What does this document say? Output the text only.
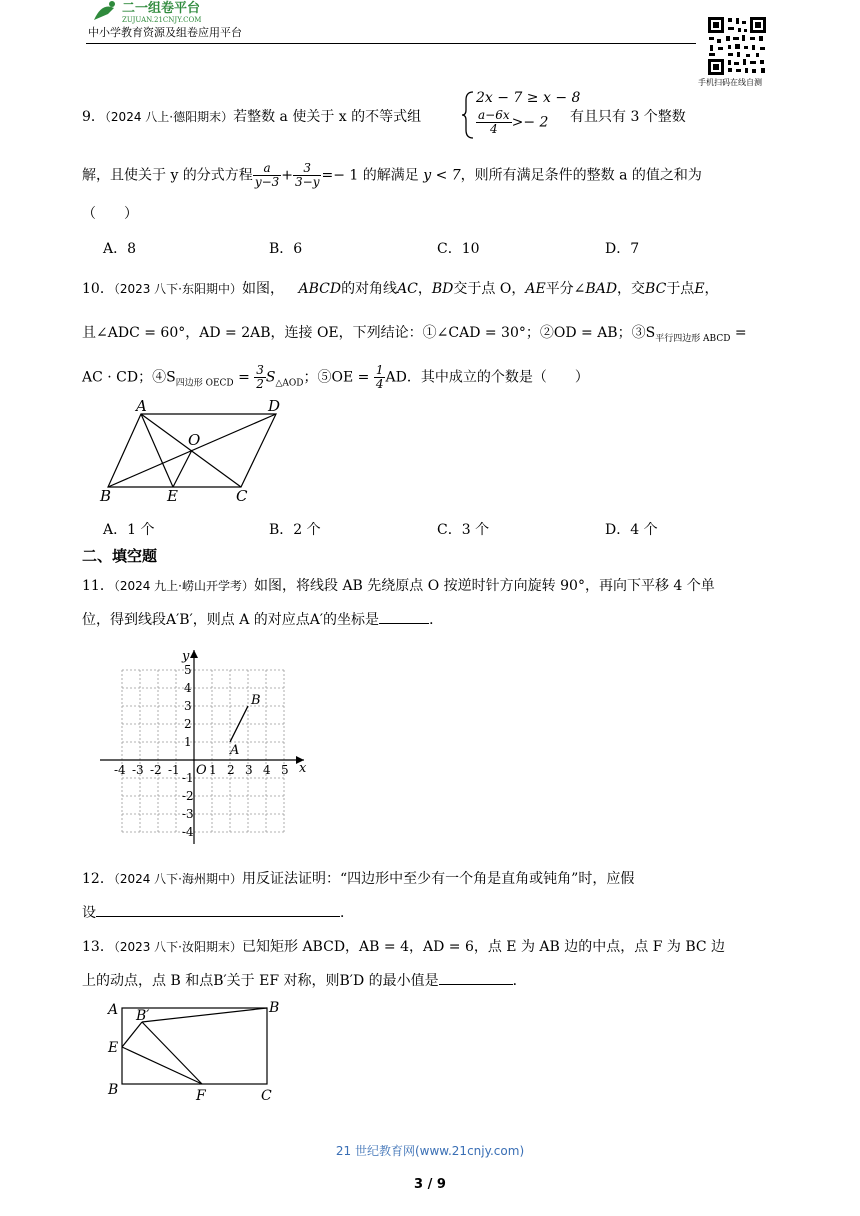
二一组卷平台
ZUJUAN.21CNJY.COM
中小学教育资源及组卷应用平台
手机扫码在线自测
9．（2024 八上·德阳期末）若整数 a 使关于 x 的不等式组
2x − 7 ≥ x − 8
$\frac{a-6x}{4} >- 2$ 有且只有 3 个整数
解，且使关于 y 的分式方程 $\frac{a}{y-3} + \frac{3}{3-y} =- 1$ 的解满足 y < 7，则所有满足条件的整数 a 的值之和为
（　　）
A．8	B．6	C．10	D．7
10．（2023 八下·东阳期中）如图， ABCD的对角线AC，BD交于点 O，AE平分∠BAD，交BC于点E，
且∠ADC = 60°，AD = 2AB，连接 OE，下列结论：①∠CAD = 30°；②OD = AB；$③S_{平行四边形 ABCD}$ =
AC · CD；$④S_{四边形 OECD} = \frac{3}{2} S_{\triangle AOD}$；⑤OE = $\frac{1}{4}$ AD．其中成立的个数是（　　）
A	D
O
B	E	C
A．1 个	B．2 个	C．3 个	D．4 个
二、填空题
11．（2024 九上·崂山开学考）如图，将线段 AB 先绕原点 O 按逆时针方向旋转 90°，再向下平移 4 个单
位，得到线段A′B′，则点 A 的对应点A′的坐标是	．
x
y
O
-4 -3 -2 -1 1 2 3 4 5
5
4
3
2
1
-1
-2
-3
-4
A
B
12．（2024 八下·海州期中）用反证法证明：“四边形中至少有一个角是直角或钝角”时，应假
设	．
13．（2023 八下·汝阳期末）已知矩形 ABCD，AB = 4，AD = 6，点 E 为 AB 边的中点，点 F 为 BC 边
上的动点，点 B 和点B′关于 EF 对称，则B′D 的最小值是	．
A B′	B
E
B	F	C
21 世纪教育网(www.21cnjy.com)
3 / 9
